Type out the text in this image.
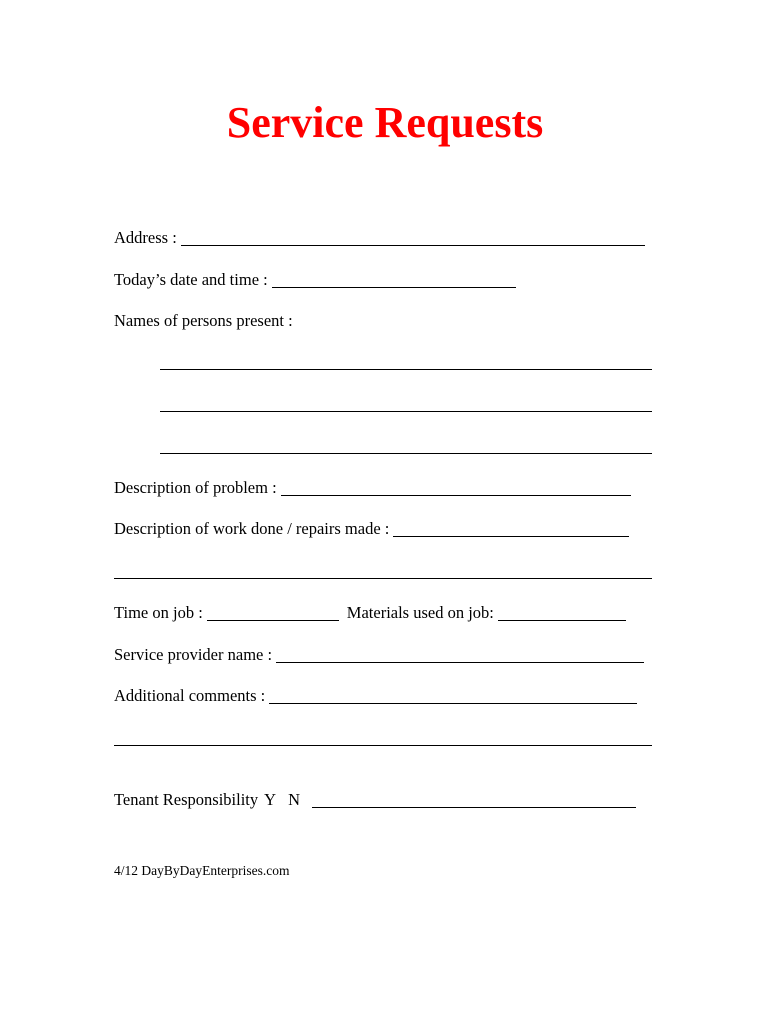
Service Requests
Address :
Today’s date and time :
Names of persons present :
Description of problem :
Description of work done / repairs made :
Time on job :	Materials used on job:
Service provider name :
Additional comments :
Tenant Responsibility Y N
4/12 DayByDayEnterprises.com
